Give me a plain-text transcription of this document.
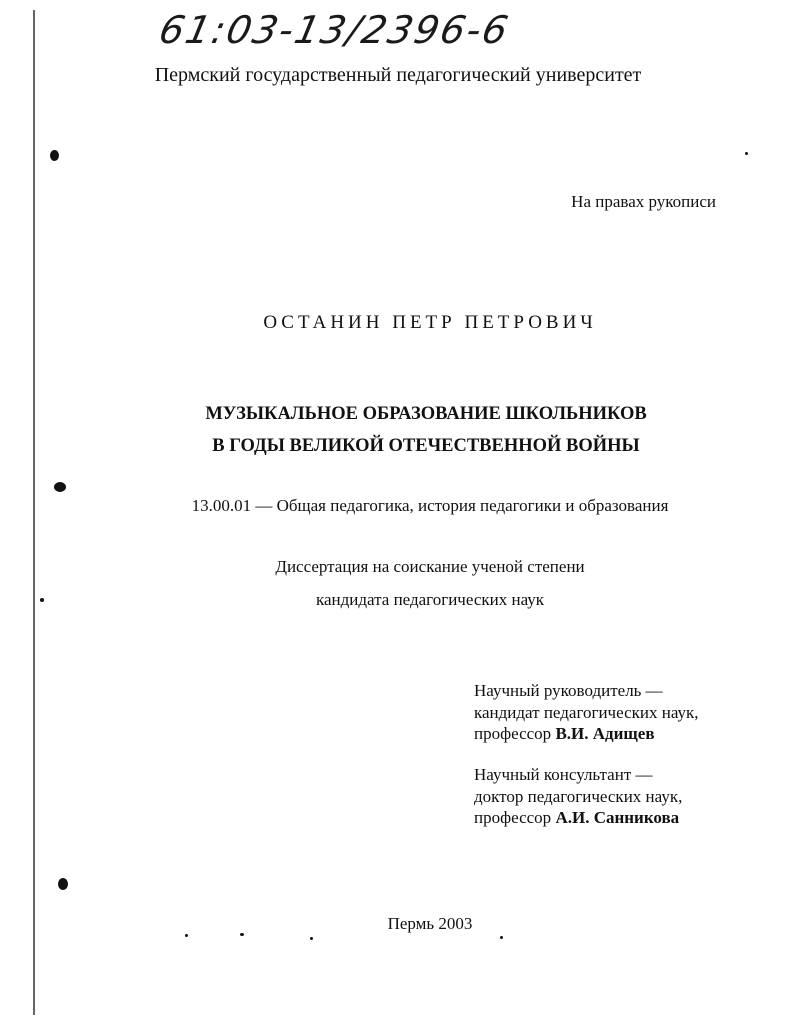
61:03-13/2396-6
Пермский государственный педагогический университет
На правах рукописи
ОСТАНИН ПЕТР ПЕТРОВИЧ
МУЗЫКАЛЬНОЕ ОБРАЗОВАНИЕ ШКОЛЬНИКОВ
В ГОДЫ ВЕЛИКОЙ ОТЕЧЕСТВЕННОЙ ВОЙНЫ
13.00.01 — Общая педагогика, история педагогики и образования
Диссертация на соискание ученой степени
кандидата педагогических наук
Научный руководитель —
кандидат педагогических наук,
профессор В.И. Адищев
Научный консультант —
доктор педагогических наук,
профессор А.И. Санникова
Пермь 2003
